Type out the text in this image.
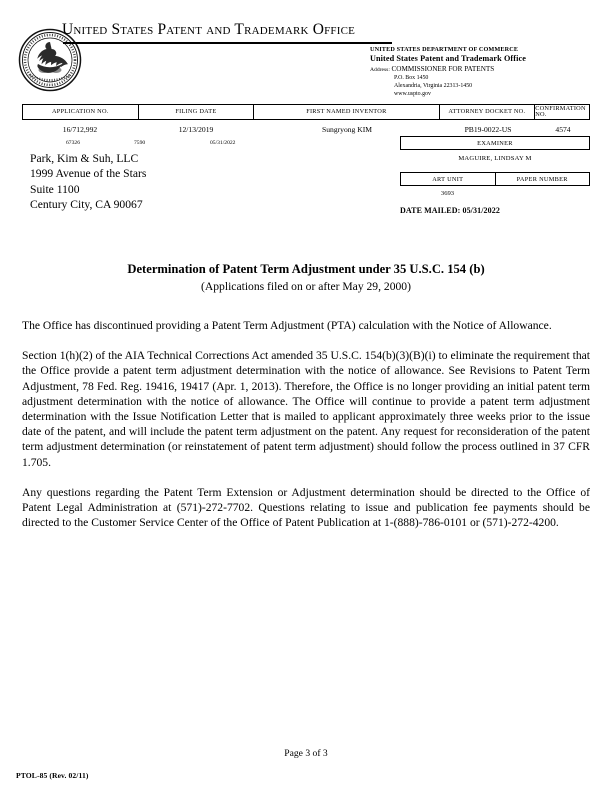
United States Patent and Trademark Office
UNITED STATES DEPARTMENT OF COMMERCE
United States Patent and Trademark Office
Address: COMMISSIONER FOR PATENTS
P.O. Box 1450
Alexandria, Virginia 22313-1450
www.uspto.gov
APPLICATION NO.	FILING DATE	FIRST NAMED INVENTOR	ATTORNEY DOCKET NO.	CONFIRMATION NO.
16/712,992	12/13/2019	Sungryong KIM	PB19-0022-US	4574
67326	7590	05/31/2022
Park, Kim & Suh, LLC
1999 Avenue of the Stars
Suite 1100
Century City, CA 90067
EXAMINER
MAGUIRE, LINDSAY M
ART UNIT	PAPER NUMBER
3693
DATE MAILED: 05/31/2022
Determination of Patent Term Adjustment under 35 U.S.C. 154 (b)
(Applications filed on or after May 29, 2000)

The Office has discontinued providing a Patent Term Adjustment (PTA) calculation with the Notice of Allowance.

Section 1(h)(2) of the AIA Technical Corrections Act amended 35 U.S.C. 154(b)(3)(B)(i) to eliminate the requirement that the Office provide a patent term adjustment determination with the notice of allowance. See Revisions to Patent Term Adjustment, 78 Fed. Reg. 19416, 19417 (Apr. 1, 2013). Therefore, the Office is no longer providing an initial patent term adjustment determination with the notice of allowance. The Office will continue to provide a patent term adjustment determination with the Issue Notification Letter that is mailed to applicant approximately three weeks prior to the issue date of the patent, and will include the patent term adjustment on the patent. Any request for reconsideration of the patent term adjustment determination (or reinstatement of patent term adjustment) should follow the process outlined in 37 CFR 1.705.

Any questions regarding the Patent Term Extension or Adjustment determination should be directed to the Office of Patent Legal Administration at (571)-272-7702. Questions relating to issue and publication fee payments should be directed to the Customer Service Center of the Office of Patent Publication at 1-(888)-786-0101 or (571)-272-4200.

Page 3 of 3
PTOL-85 (Rev. 02/11)
